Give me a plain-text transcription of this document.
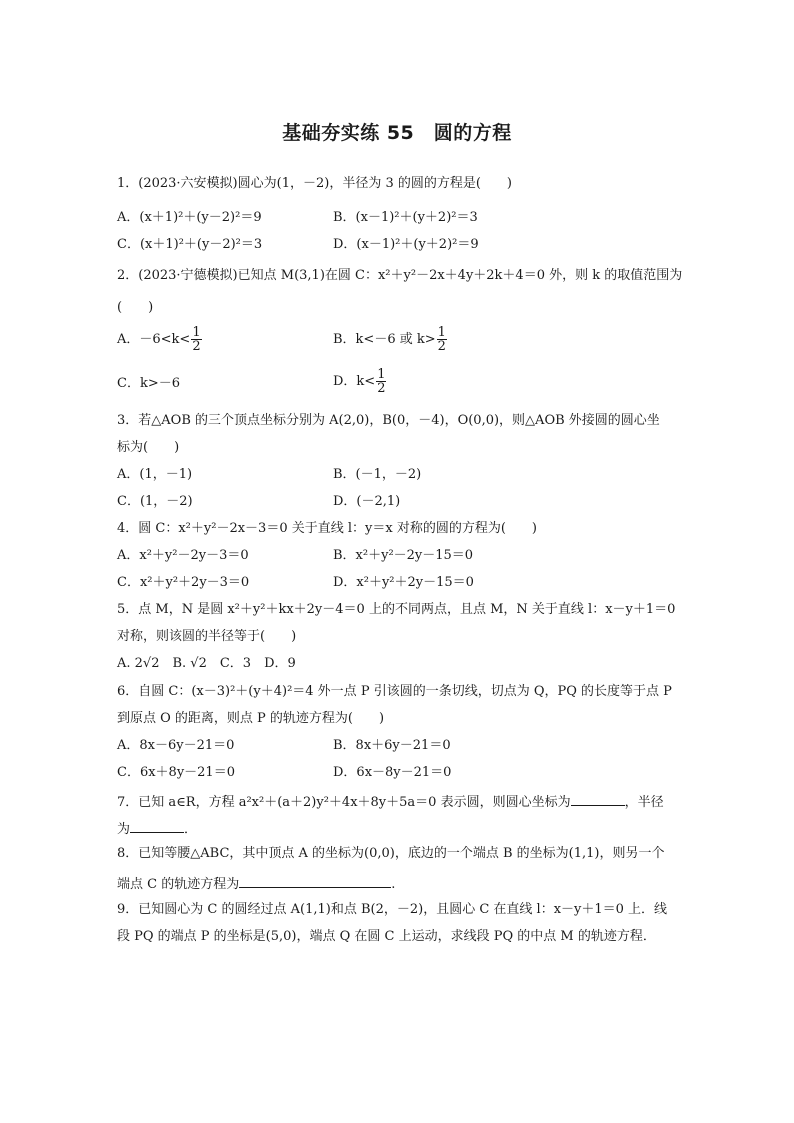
基础夯实练 55　圆的方程
1．(2023·六安模拟)圆心为(1，－2)，半径为 3 的圆的方程是(　　)
A．(x＋1)²＋(y－2)²＝9	B．(x－1)²＋(y＋2)²＝3
C．(x＋1)²＋(y－2)²＝3	D．(x－1)²＋(y＋2)²＝9
2．(2023·宁德模拟)已知点 M(3,1)在圆 C：x²＋y²－2x＋4y＋2k＋4＝0 外，则 k 的取值范围为
(　　)
A．$-6<k< \frac{1}{2}$	B．k<－6 或 $k> \frac{1}{2}$
C．k>－6	D．$k< \frac{1}{2}$
3．若△AOB 的三个顶点坐标分别为 A(2,0)，B(0，－4)，O(0,0)，则△AOB 外接圆的圆心坐
标为(　　)
A．(1，－1)	B．(－1，－2)
C．(1，－2)	D．(－2,1)
4．圆 C：x²＋y²－2x－3＝0 关于直线 l：y＝x 对称的圆的方程为(　　)
A．x²＋y²－2y－3＝0	B．x²＋y²－2y－15＝0
C．x²＋y²＋2y－3＝0	D．x²＋y²＋2y－15＝0
5．点 M，N 是圆 x²＋y²＋kx＋2y－4＝0 上的不同两点，且点 M，N 关于直线 l：x－y＋1＝0
对称，则该圆的半径等于(　　)
A. 2√2　B. √2　C．3　D．9
6．自圆 C：(x－3)²＋(y＋4)²＝4 外一点 P 引该圆的一条切线，切点为 Q，PQ 的长度等于点 P
到原点 O 的距离，则点 P 的轨迹方程为(　　)
A．8x－6y－21＝0	B．8x＋6y－21＝0
C．6x＋8y－21＝0	D．6x－8y－21＝0
7．已知 a∈R，方程 a²x²＋(a＋2)y²＋4x＋8y＋5a＝0 表示圆，则圆心坐标为	，半径
为	．
8．已知等腰△ABC，其中顶点 A 的坐标为(0,0)，底边的一个端点 B 的坐标为(1,1)，则另一个
端点 C 的轨迹方程为	.
9．已知圆心为 C 的圆经过点 A(1,1)和点 B(2，－2)，且圆心 C 在直线 l：x－y＋1＝0 上．线
段 PQ 的端点 P 的坐标是(5,0)，端点 Q 在圆 C 上运动，求线段 PQ 的中点 M 的轨迹方程．
